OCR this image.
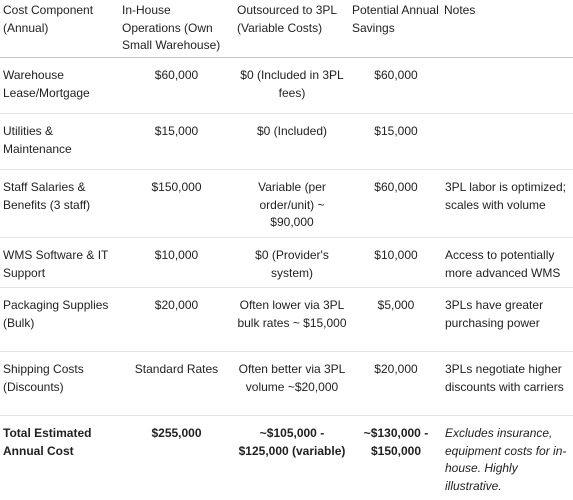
Cost Component (Annual)	In-House Operations (Own Small Warehouse)	Outsourced to 3PL (Variable Costs)	Potential Annual Savings	Notes
Warehouse Lease/Mortgage	$60,000	$0 (Included in 3PL fees)	$60,000	
Utilities & Maintenance	$15,000	$0 (Included)	$15,000	
Staff Salaries & Benefits (3 staff)	$150,000	Variable (per order/unit) ~ $90,000	$60,000	3PL labor is optimized; scales with volume
WMS Software & IT Support	$10,000	$0 (Provider's system)	$10,000	Access to potentially more advanced WMS
Packaging Supplies (Bulk)	$20,000	Often lower via 3PL bulk rates ~ $15,000	$5,000	3PLs have greater purchasing power
Shipping Costs (Discounts)	Standard Rates	Often better via 3PL volume ~$20,000	$20,000	3PLs negotiate higher discounts with carriers
Total Estimated Annual Cost	$255,000	~$105,000 - $125,000 (variable)	~$130,000 - $150,000	Excludes insurance, equipment costs for in-house. Highly illustrative.
